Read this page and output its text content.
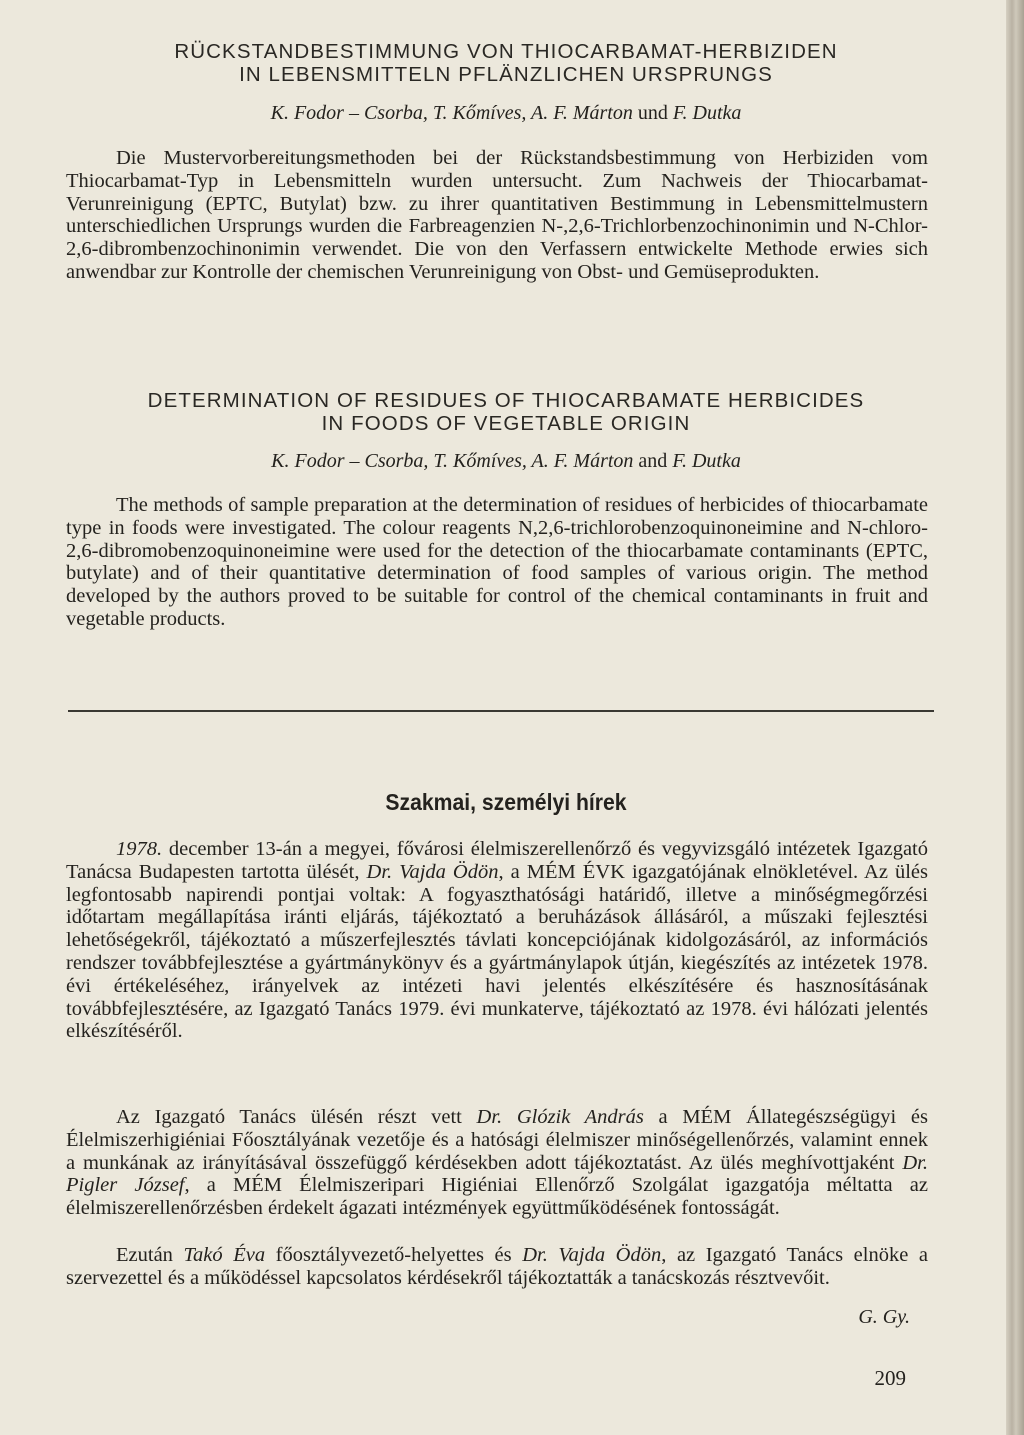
RÜCKSTANDBESTIMMUNG VON THIOCARBAMAT-HERBIZIDEN
IN LEBENSMITTELN PFLÄNZLICHEN URSPRUNGS

K. Fodor – Csorba, T. Kőmíves, A. F. Márton und F. Dutka

Die Mustervorbereitungsmethoden bei der Rückstandsbestimmung von Herbiziden vom Thiocarbamat-Typ in Lebensmitteln wurden untersucht. Zum Nachweis der Thiocarbamat-Verunreinigung (EPTC, Butylat) bzw. zu ihrer quantitativen Bestimmung in Lebensmittelmustern unterschiedlichen Ursprungs wurden die Farbreagenzien N-,2,6-Trichlorbenzochinonimin und N-Chlor-2,6-dibrombenzochinonimin verwendet. Die von den Verfassern entwickelte Methode erwies sich anwendbar zur Kontrolle der chemischen Verunreinigung von Obst- und Gemüseprodukten.

DETERMINATION OF RESIDUES OF THIOCARBAMATE HERBICIDES
IN FOODS OF VEGETABLE ORIGIN

K. Fodor – Csorba, T. Kőmíves, A. F. Márton and F. Dutka

The methods of sample preparation at the determination of residues of herbicides of thiocarbamate type in foods were investigated. The colour reagents N,2,6-trichlorobenzoquinoneimine and N-chloro-2,6-dibromobenzoquinoneimine were used for the detection of the thiocarbamate contaminants (EPTC, butylate) and of their quantitative determination of food samples of various origin. The method developed by the authors proved to be suitable for control of the chemical contaminants in fruit and vegetable products.

Szakmai, személyi hírek

1978. december 13-án a megyei, fővárosi élelmiszerellenőrző és vegyvizsgáló intézetek Igazgató Tanácsa Budapesten tartotta ülését, Dr. Vajda Ödön, a MÉM ÉVK igazgatójának elnökletével. Az ülés legfontosabb napirendi pontjai voltak: A fogyaszthatósági határidő, illetve a minőségmegőrzési időtartam megállapítása iránti eljárás, tájékoztató a beruházások állásáról, a műszaki fejlesztési lehetőségekről, tájékoztató a műszerfejlesztés távlati koncepciójának kidolgozásáról, az információs rendszer továbbfejlesztése a gyártmánykönyv és a gyártmánylapok útján, kiegészítés az intézetek 1978. évi értékeléséhez, irányelvek az intézeti havi jelentés elkészítésére és hasznosításának továbbfejlesztésére, az Igazgató Tanács 1979. évi munkaterve, tájékoztató az 1978. évi hálózati jelentés elkészítéséről.

Az Igazgató Tanács ülésén részt vett Dr. Glózik András a MÉM Állategészségügyi és Élelmiszerhigiéniai Főosztályának vezetője és a hatósági élelmiszer minőségellenőrzés, valamint ennek a munkának az irányításával összefüggő kérdésekben adott tájékoztatást. Az ülés meghívottjaként Dr. Pigler József, a MÉM Élelmiszeripari Higiéniai Ellenőrző Szolgálat igazgatója méltatta az élelmiszerellenőrzésben érdekelt ágazati intézmények együttműködésének fontosságát.

Ezután Takó Éva főosztályvezető-helyettes és Dr. Vajda Ödön, az Igazgató Tanács elnöke a szervezettel és a működéssel kapcsolatos kérdésekről tájékoztatták a tanácskozás résztvevőit.

G. Gy.

209
